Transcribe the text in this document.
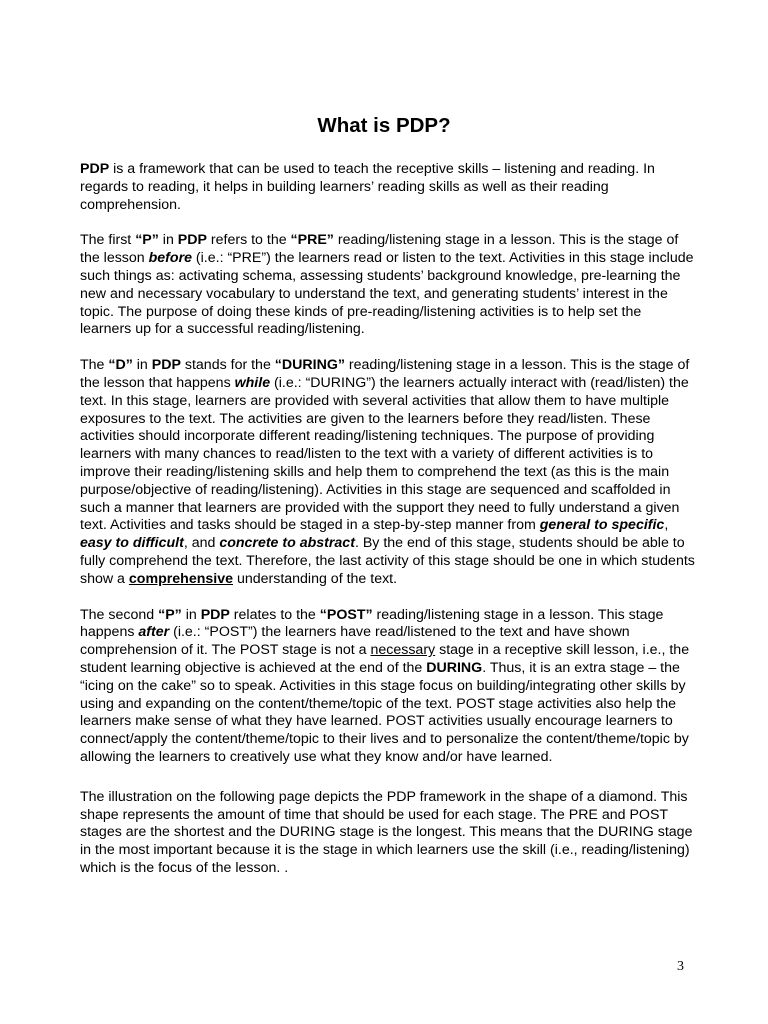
What is PDP?

PDP is a framework that can be used to teach the receptive skills – listening and reading. In regards to reading, it helps in building learners’ reading skills as well as their reading comprehension.

The first “P” in PDP refers to the “PRE” reading/listening stage in a lesson. This is the stage of the lesson before (i.e.: “PRE”) the learners read or listen to the text. Activities in this stage include such things as: activating schema, assessing students’ background knowledge, pre-learning the new and necessary vocabulary to understand the text, and generating students’ interest in the topic. The purpose of doing these kinds of pre-reading/listening activities is to help set the learners up for a successful reading/listening.

The “D” in PDP stands for the “DURING” reading/listening stage in a lesson. This is the stage of the lesson that happens while (i.e.: “DURING”) the learners actually interact with (read/listen) the text. In this stage, learners are provided with several activities that allow them to have multiple exposures to the text. The activities are given to the learners before they read/listen. These activities should incorporate different reading/listening techniques. The purpose of providing learners with many chances to read/listen to the text with a variety of different activities is to improve their reading/listening skills and help them to comprehend the text (as this is the main purpose/objective of reading/listening). Activities in this stage are sequenced and scaffolded in such a manner that learners are provided with the support they need to fully understand a given text. Activities and tasks should be staged in a step-by-step manner from general to specific, easy to difficult, and concrete to abstract. By the end of this stage, students should be able to fully comprehend the text. Therefore, the last activity of this stage should be one in which students show a comprehensive understanding of the text.

The second “P” in PDP relates to the “POST” reading/listening stage in a lesson. This stage happens after (i.e.: “POST”) the learners have read/listened to the text and have shown comprehension of it. The POST stage is not a necessary stage in a receptive skill lesson, i.e., the student learning objective is achieved at the end of the DURING. Thus, it is an extra stage – the “icing on the cake” so to speak. Activities in this stage focus on building/integrating other skills by using and expanding on the content/theme/topic of the text. POST stage activities also help the learners make sense of what they have learned. POST activities usually encourage learners to connect/apply the content/theme/topic to their lives and to personalize the content/theme/topic by allowing the learners to creatively use what they know and/or have learned.

The illustration on the following page depicts the PDP framework in the shape of a diamond. This shape represents the amount of time that should be used for each stage. The PRE and POST stages are the shortest and the DURING stage is the longest. This means that the DURING stage in the most important because it is the stage in which learners use the skill (i.e., reading/listening) which is the focus of the lesson. .

3
